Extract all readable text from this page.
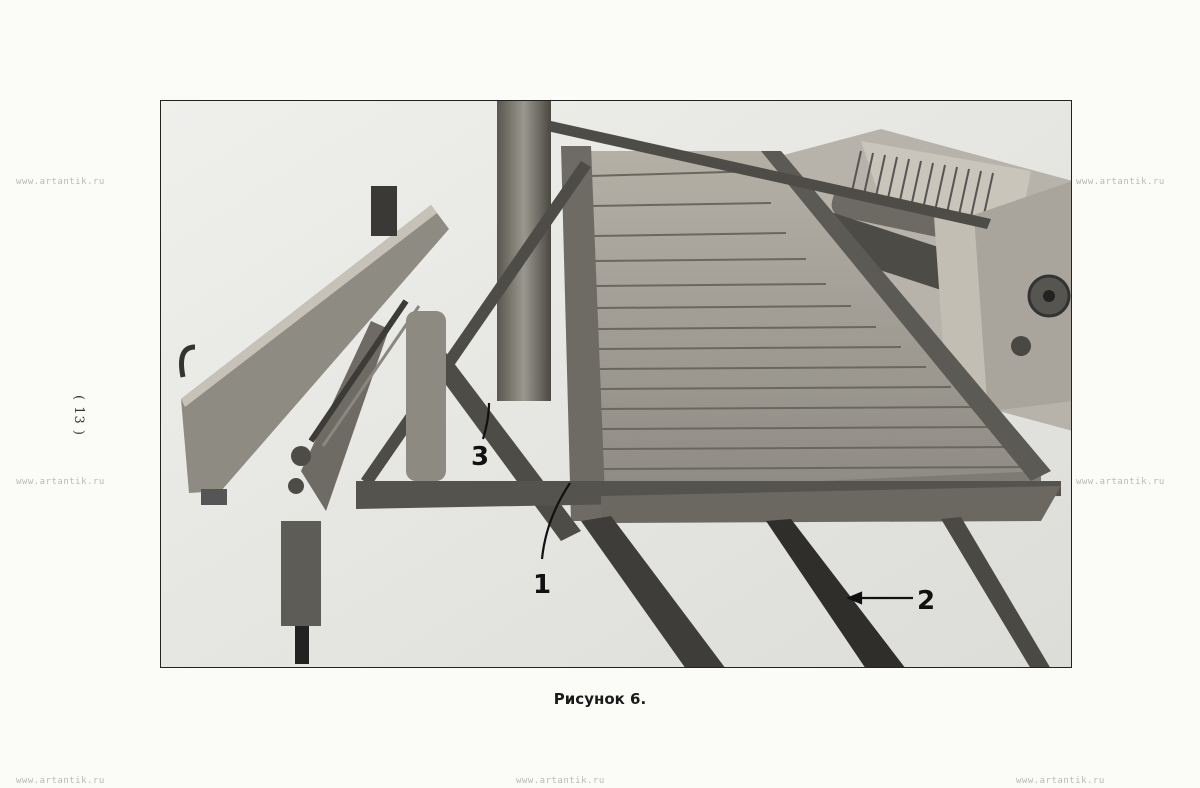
www.artantik.ru
www.artantik.ru
www.artantik.ru
www.artantik.ru
www.artantik.ru	www.artantik.ru	www.artantik.ru
( 13 )
3
1
2
Рисунок 6.
